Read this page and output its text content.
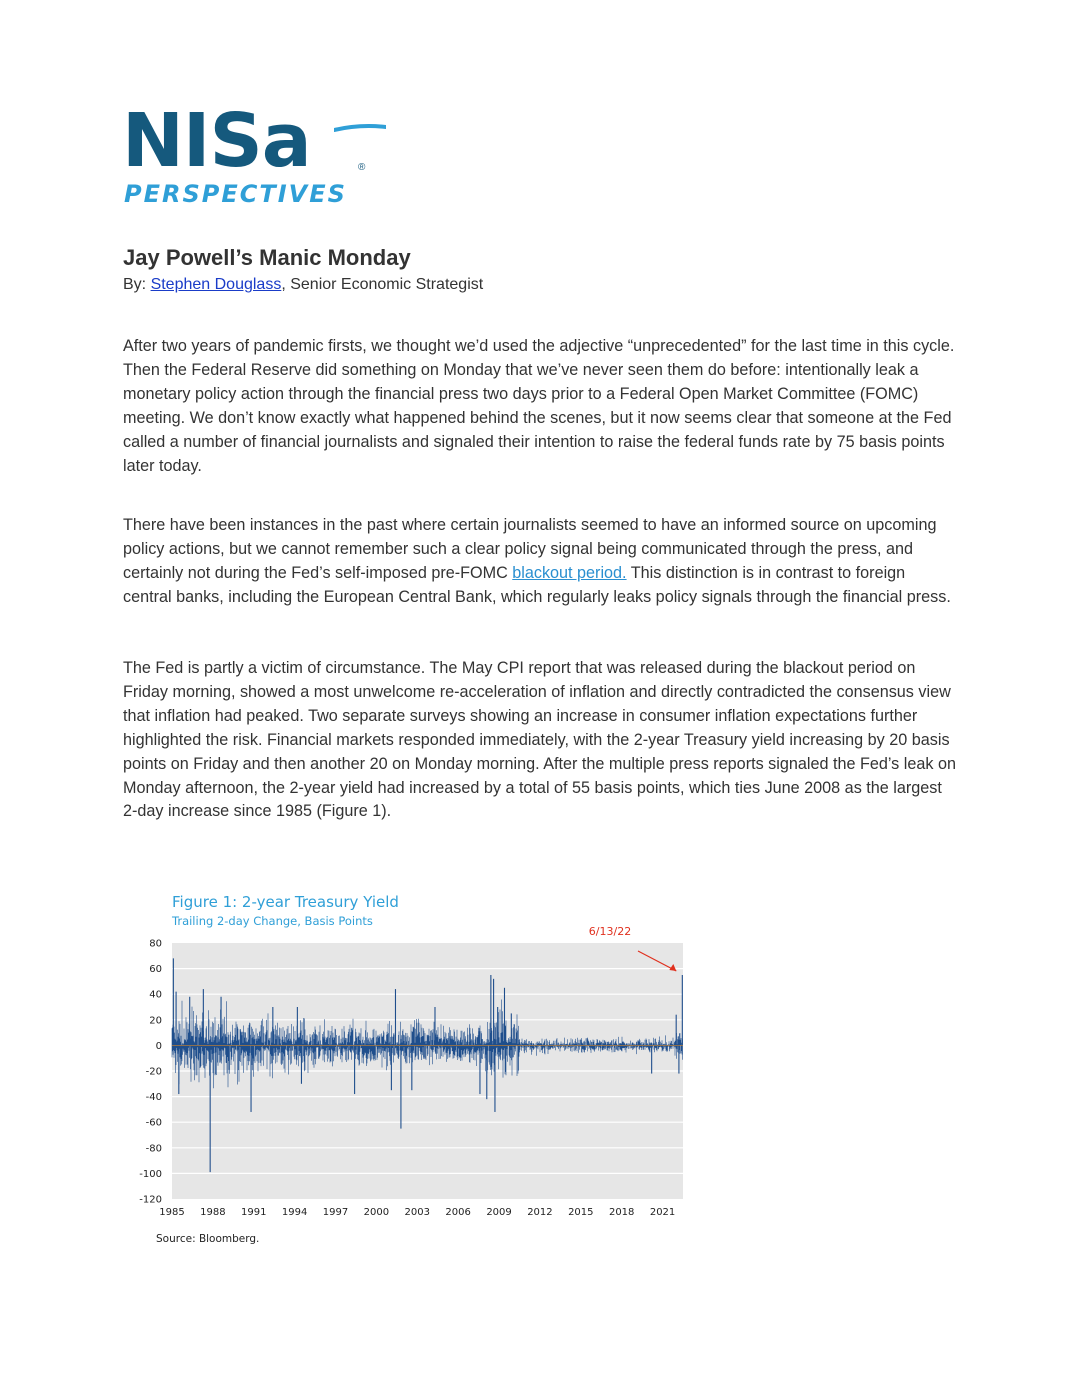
NISa	®
PERSPECTIVES
Jay Powell’s Manic Monday
By: Stephen Douglass, Senior Economic Strategist

After two years of pandemic firsts, we thought we’d used the adjective “unprecedented” for the last time in this cycle. Then the Federal Reserve did something on Monday that we’ve never seen them do before: intentionally leak a monetary policy action through the financial press two days prior to a Federal Open Market Committee (FOMC) meeting. We don’t know exactly what happened behind the scenes, but it now seems clear that someone at the Fed called a number of financial journalists and signaled their intention to raise the federal funds rate by 75 basis points later today.

There have been instances in the past where certain journalists seemed to have an informed source on upcoming policy actions, but we cannot remember such a clear policy signal being communicated through the press, and certainly not during the Fed’s self-imposed pre-FOMC blackout period. This distinction is in contrast to foreign central banks, including the European Central Bank, which regularly leaks policy signals through the financial press.

The Fed is partly a victim of circumstance. The May CPI report that was released during the blackout period on Friday morning, showed a most unwelcome re-acceleration of inflation and directly contradicted the consensus view that inflation had peaked. Two separate surveys showing an increase in consumer inflation expectations further highlighted the risk. Financial markets responded immediately, with the 2-year Treasury yield increasing by 20 basis points on Friday and then another 20 on Monday morning. After the multiple press reports signaled the Fed’s leak on Monday afternoon, the 2-year yield had increased by a total of 55 basis points, which ties June 2008 as the largest 2-day increase since 1985 (Figure 1).

80
60
40
20
0
-20
-40
-60
-80
-100
-120
1985 1988 1991 1994 1997 2000 2003 2006 2009 2012 2015 2018 2021
6/13/22
Figure 1: 2-year Treasury Yield
Trailing 2-day Change, Basis Points
Source: Bloomberg.
